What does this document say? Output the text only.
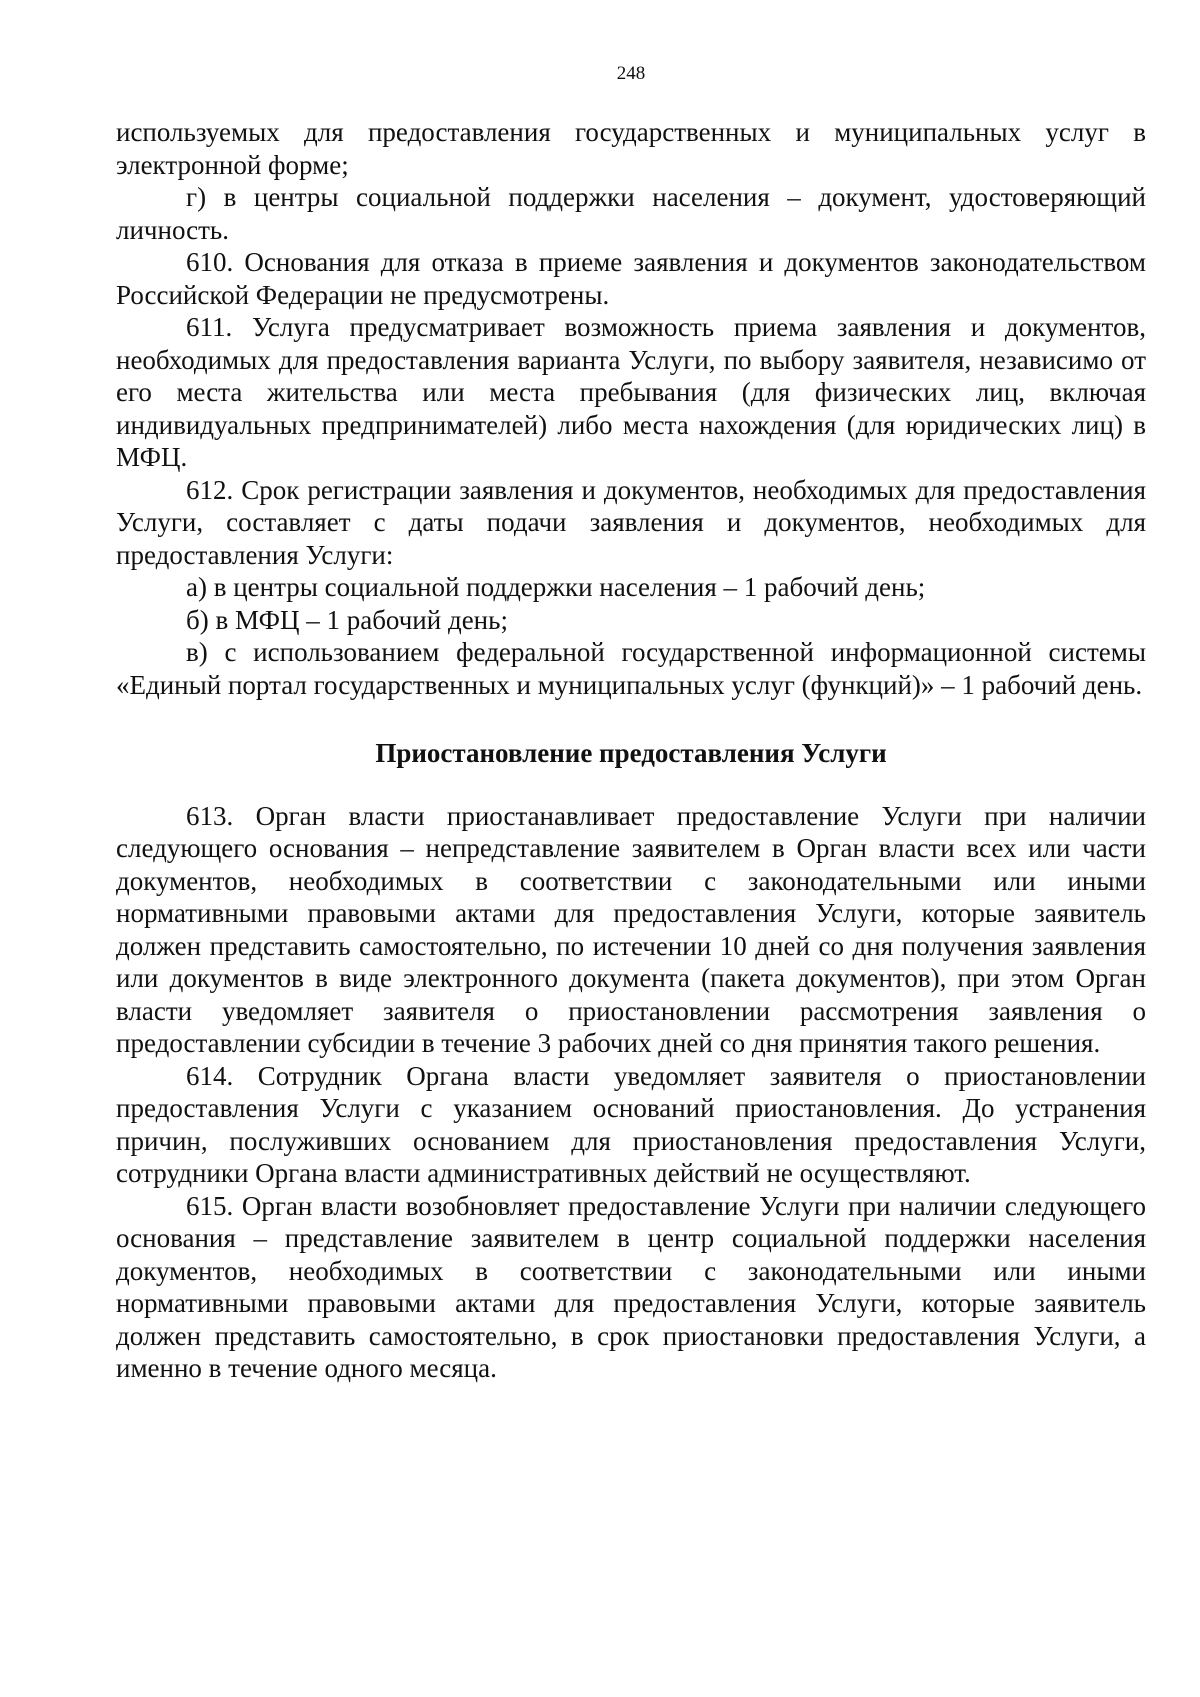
248

используемых для предоставления государственных и муниципальных услуг в электронной форме;

г) в центры социальной поддержки населения – документ, удостоверяющий личность.

610. Основания для отказа в приеме заявления и документов законодательством Российской Федерации не предусмотрены.

611. Услуга предусматривает возможность приема заявления и документов, необходимых для предоставления варианта Услуги, по выбору заявителя, независимо от его места жительства или места пребывания (для физических лиц, включая индивидуальных предпринимателей) либо места нахождения (для юридических лиц) в МФЦ.

612. Срок регистрации заявления и документов, необходимых для предоставления Услуги, составляет с даты подачи заявления и документов, необходимых для предоставления Услуги:

а) в центры социальной поддержки населения – 1 рабочий день;

б) в МФЦ – 1 рабочий день;

в) с использованием федеральной государственной информационной системы «Единый портал государственных и муниципальных услуг (функций)» – 1 рабочий день.

Приостановление предоставления Услуги

613. Орган власти приостанавливает предоставление Услуги при наличии следующего основания – непредставление заявителем в Орган власти всех или части документов, необходимых в соответствии с законодательными или иными нормативными правовыми актами для предоставления Услуги, которые заявитель должен представить самостоятельно, по истечении 10 дней со дня получения заявления или документов в виде электронного документа (пакета документов), при этом Орган власти уведомляет заявителя о приостановлении рассмотрения заявления о предоставлении субсидии в течение 3 рабочих дней со дня принятия такого решения.

614. Сотрудник Органа власти уведомляет заявителя о приостановлении предоставления Услуги с указанием оснований приостановления. До устранения причин, послуживших основанием для приостановления предоставления Услуги, сотрудники Органа власти административных действий не осуществляют.

615. Орган власти возобновляет предоставление Услуги при наличии следующего основания – представление заявителем в центр социальной поддержки населения документов, необходимых в соответствии с законодательными или иными нормативными правовыми актами для предоставления Услуги, которые заявитель должен представить самостоятельно, в срок приостановки предоставления Услуги, а именно в течение одного месяца.
